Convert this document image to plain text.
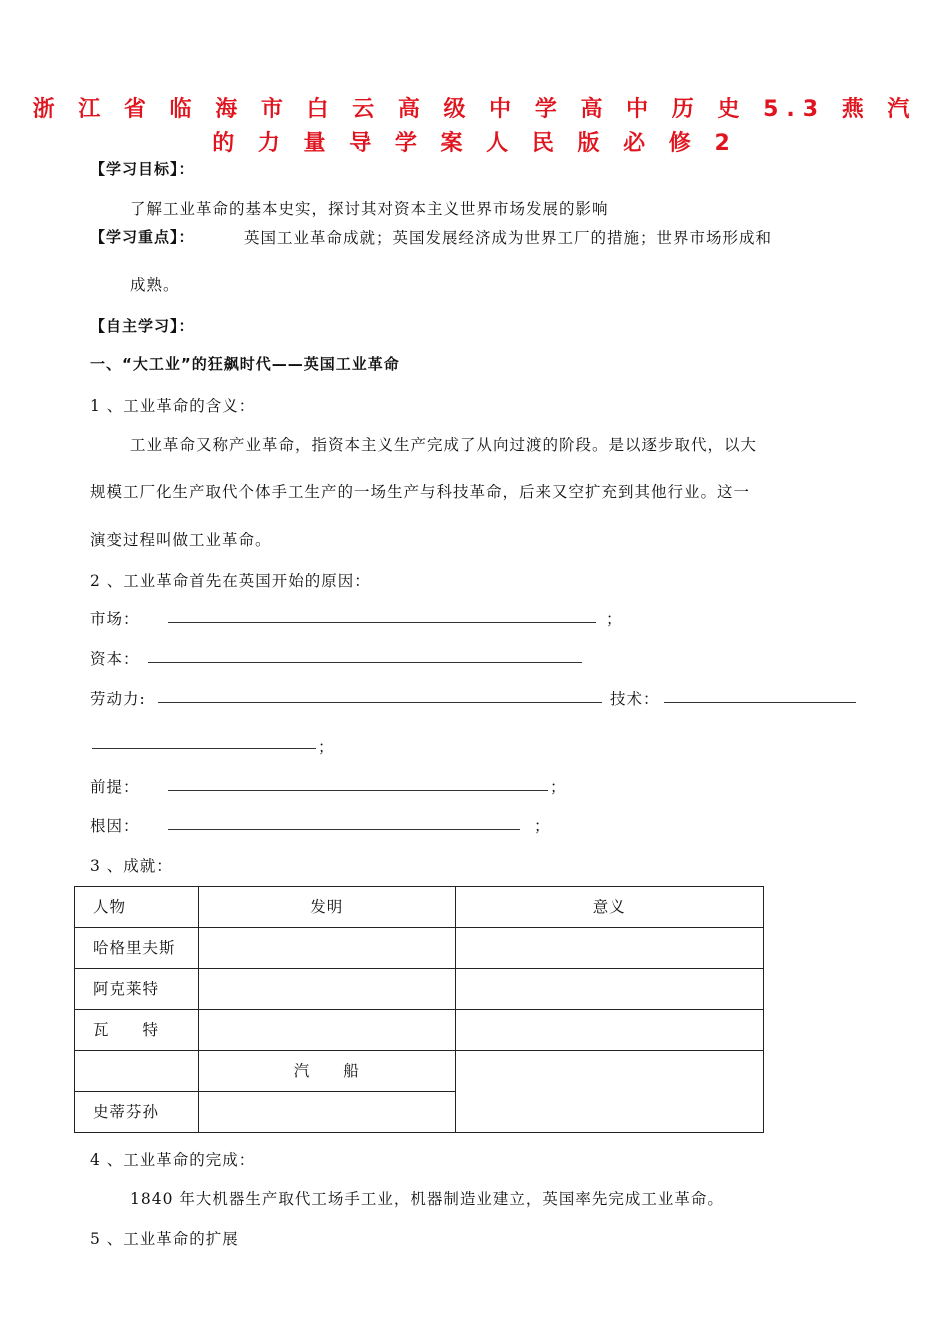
浙 江 省 临 海 市 白 云 高 级 中 学 高 中 历 史 5.3 燕 汽
的 力 量 导 学 案 人 民 版 必 修 2
【学习目标】：
了解工业革命的基本史实，探讨其对资本主义世界市场发展的影响
【学习重点】：	英国工业革命成就；英国发展经济成为世界工厂的措施；世界市场形成和
成熟。
【自主学习】：
一、“大工业”的狂飙时代——英国工业革命
1 、工业革命的含义：
工业革命又称产业革命，指资本主义生产完成了从向过渡的阶段。是以逐步取代，以大
规模工厂化生产取代个体手工生产的一场生产与科技革命，后来又空扩充到其他行业。这一
演变过程叫做工业革命。
2 、工业革命首先在英国开始的原因：
市场：	；
资本：
劳动力:	技术：
；
前提：	；
根因：	；
3 、成就：
人物	发明	意义
哈格里夫斯		
阿克莱特		
瓦　　特		
	汽　　船	
史蒂芬孙		
4 、工业革命的完成：
1840 年大机器生产取代工场手工业，机器制造业建立，英国率先完成工业革命。
5 、工业革命的扩展
